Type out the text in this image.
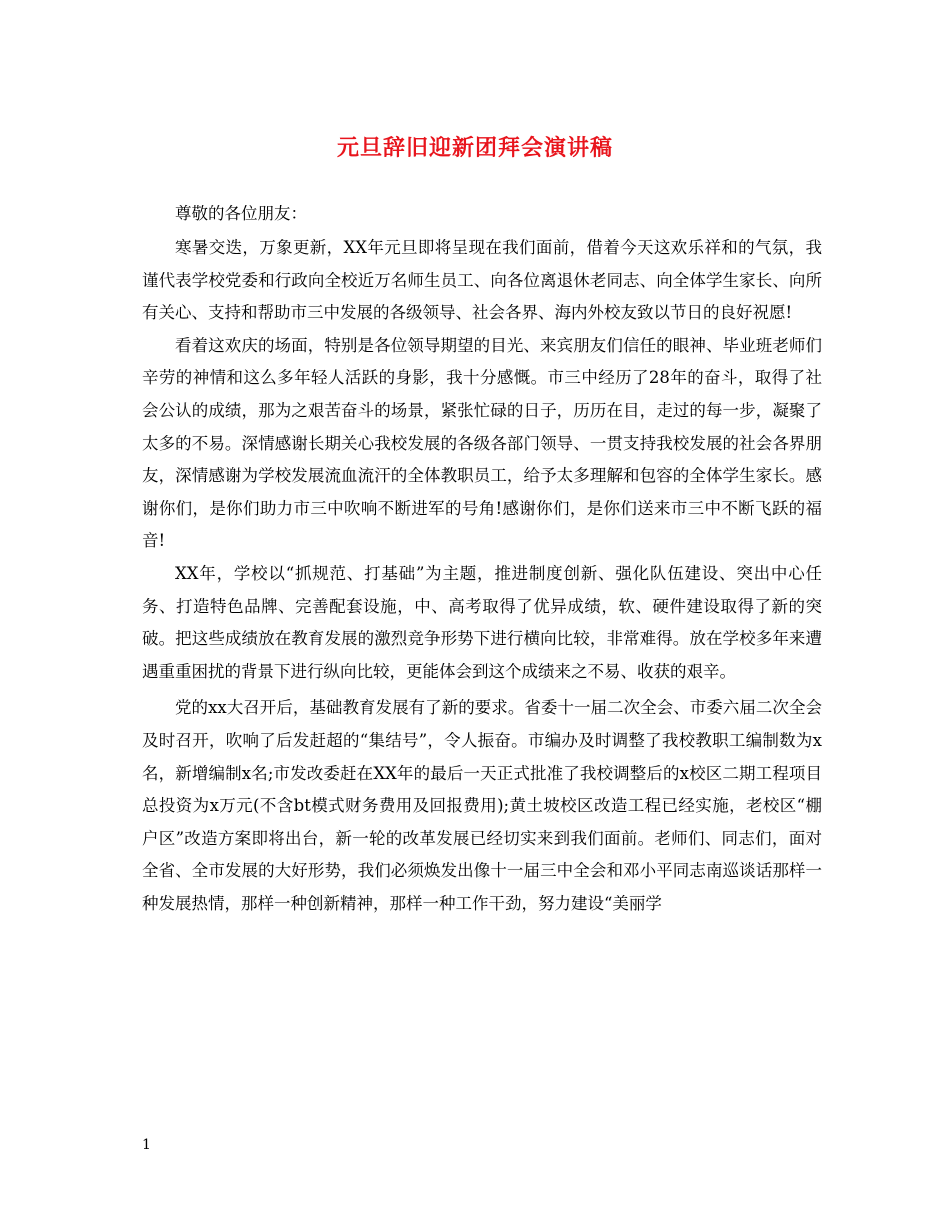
元旦辞旧迎新团拜会演讲稿

尊敬的各位朋友：

寒暑交迭，万象更新，XX年元旦即将呈现在我们面前，借着今天这欢乐祥和的气氛，我谨代表学校党委和行政向全校近万名师生员工、向各位离退休老同志、向全体学生家长、向所有关心、支持和帮助市三中发展的各级领导、社会各界、海内外校友致以节日的良好祝愿!

看着这欢庆的场面，特别是各位领导期望的目光、来宾朋友们信任的眼神、毕业班老师们辛劳的神情和这么多年轻人活跃的身影，我十分感慨。市三中经历了28年的奋斗，取得了社会公认的成绩，那为之艰苦奋斗的场景，紧张忙碌的日子，历历在目，走过的每一步，凝聚了太多的不易。深情感谢长期关心我校发展的各级各部门领导、一贯支持我校发展的社会各界朋友，深情感谢为学校发展流血流汗的全体教职员工，给予太多理解和包容的全体学生家长。感谢你们，是你们助力市三中吹响不断进军的号角!感谢你们，是你们送来市三中不断飞跃的福音!

XX年，学校以“抓规范、打基础”为主题，推进制度创新、强化队伍建设、突出中心任务、打造特色品牌、完善配套设施，中、高考取得了优异成绩，软、硬件建设取得了新的突破。把这些成绩放在教育发展的激烈竞争形势下进行横向比较，非常难得。放在学校多年来遭遇重重困扰的背景下进行纵向比较，更能体会到这个成绩来之不易、收获的艰辛。

党的xx大召开后，基础教育发展有了新的要求。省委十一届二次全会、市委六届二次全会及时召开，吹响了后发赶超的“集结号”，令人振奋。市编办及时调整了我校教职工编制数为x名，新增编制x名;市发改委赶在XX年的最后一天正式批准了我校调整后的x校区二期工程项目总投资为x万元(不含bt模式财务费用及回报费用);黄土坡校区改造工程已经实施，老校区“棚户区”改造方案即将出台，新一轮的改革发展已经切实来到我们面前。老师们、同志们，面对全省、全市发展的大好形势，我们必须焕发出像十一届三中全会和邓小平同志南巡谈话那样一种发展热情，那样一种创新精神，那样一种工作干劲，努力建设“美丽学

1
